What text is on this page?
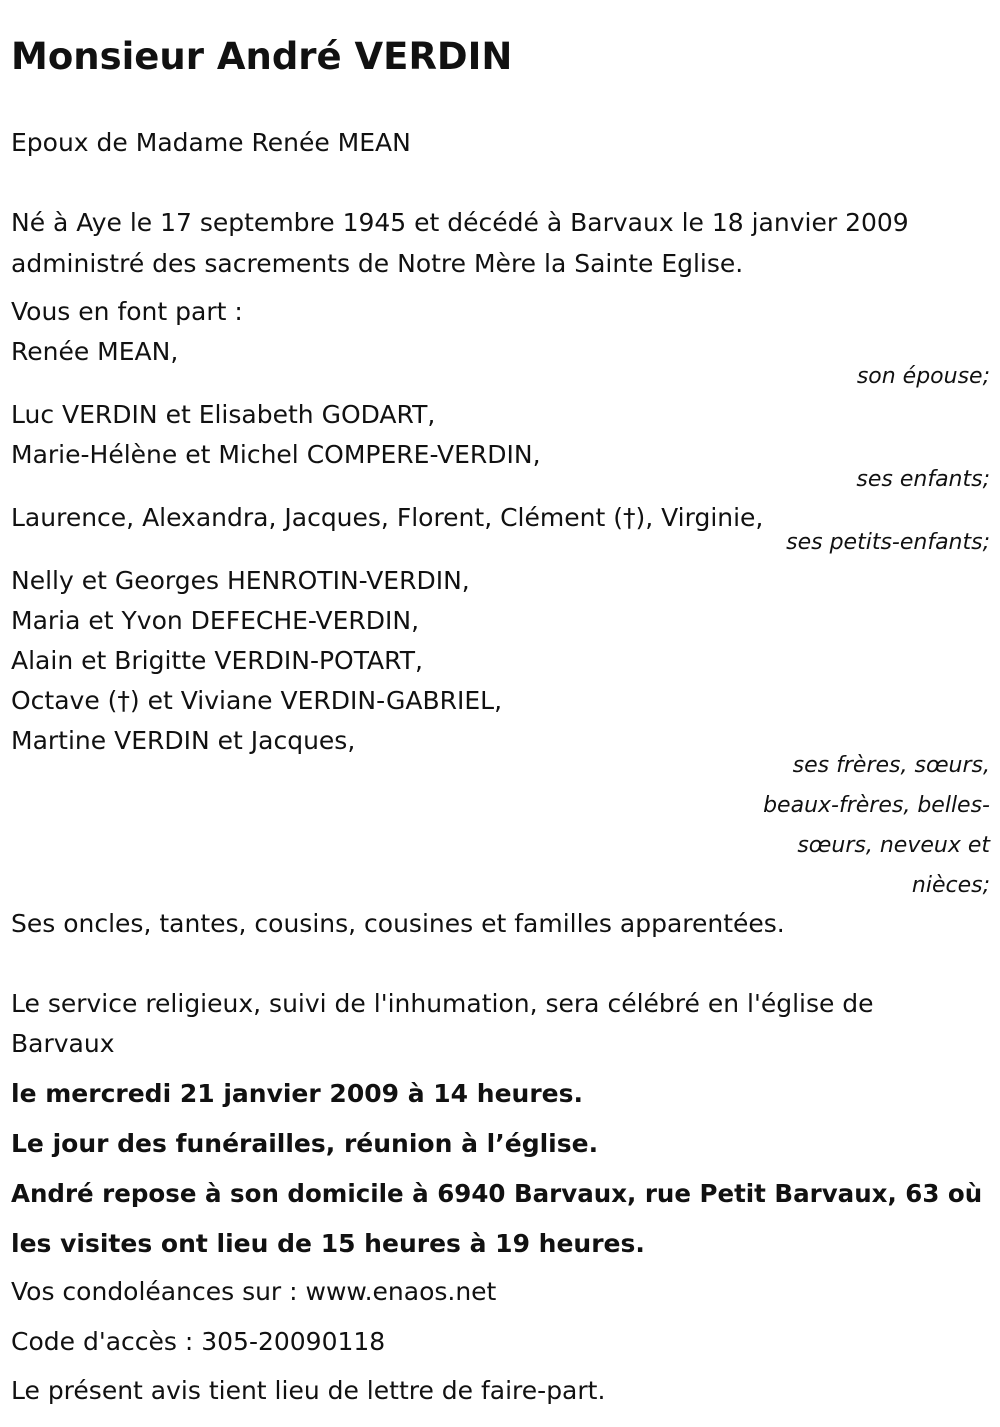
Monsieur André VERDIN

Epoux de Madame Renée MEAN

Né à Aye le 17 septembre 1945 et décédé à Barvaux le 18 janvier 2009

administré des sacrements de Notre Mère la Sainte Eglise.

Vous en font part :

Renée MEAN,

son épouse;

Luc VERDIN et Elisabeth GODART,

Marie-Hélène et Michel COMPERE-VERDIN,

ses enfants;

Laurence, Alexandra, Jacques, Florent, Clément (†), Virginie,

ses petits-enfants;

Nelly et Georges HENROTIN-VERDIN,

Maria et Yvon DEFECHE-VERDIN,

Alain et Brigitte VERDIN-POTART,

Octave (†) et Viviane VERDIN-GABRIEL,

Martine VERDIN et Jacques,

ses frères, sœurs,
beaux-frères, belles-
sœurs, neveux et
nièces;

Ses oncles, tantes, cousins, cousines et familles apparentées.

Le service religieux, suivi de l'inhumation, sera célébré en l'église de

Barvaux

le mercredi 21 janvier 2009 à 14 heures.

Le jour des funérailles, réunion à l’église.

André repose à son domicile à 6940 Barvaux, rue Petit Barvaux, 63 où

les visites ont lieu de 15 heures à 19 heures.

Vos condoléances sur : www.enaos.net

Code d'accès : 305-20090118

Le présent avis tient lieu de lettre de faire-part.
